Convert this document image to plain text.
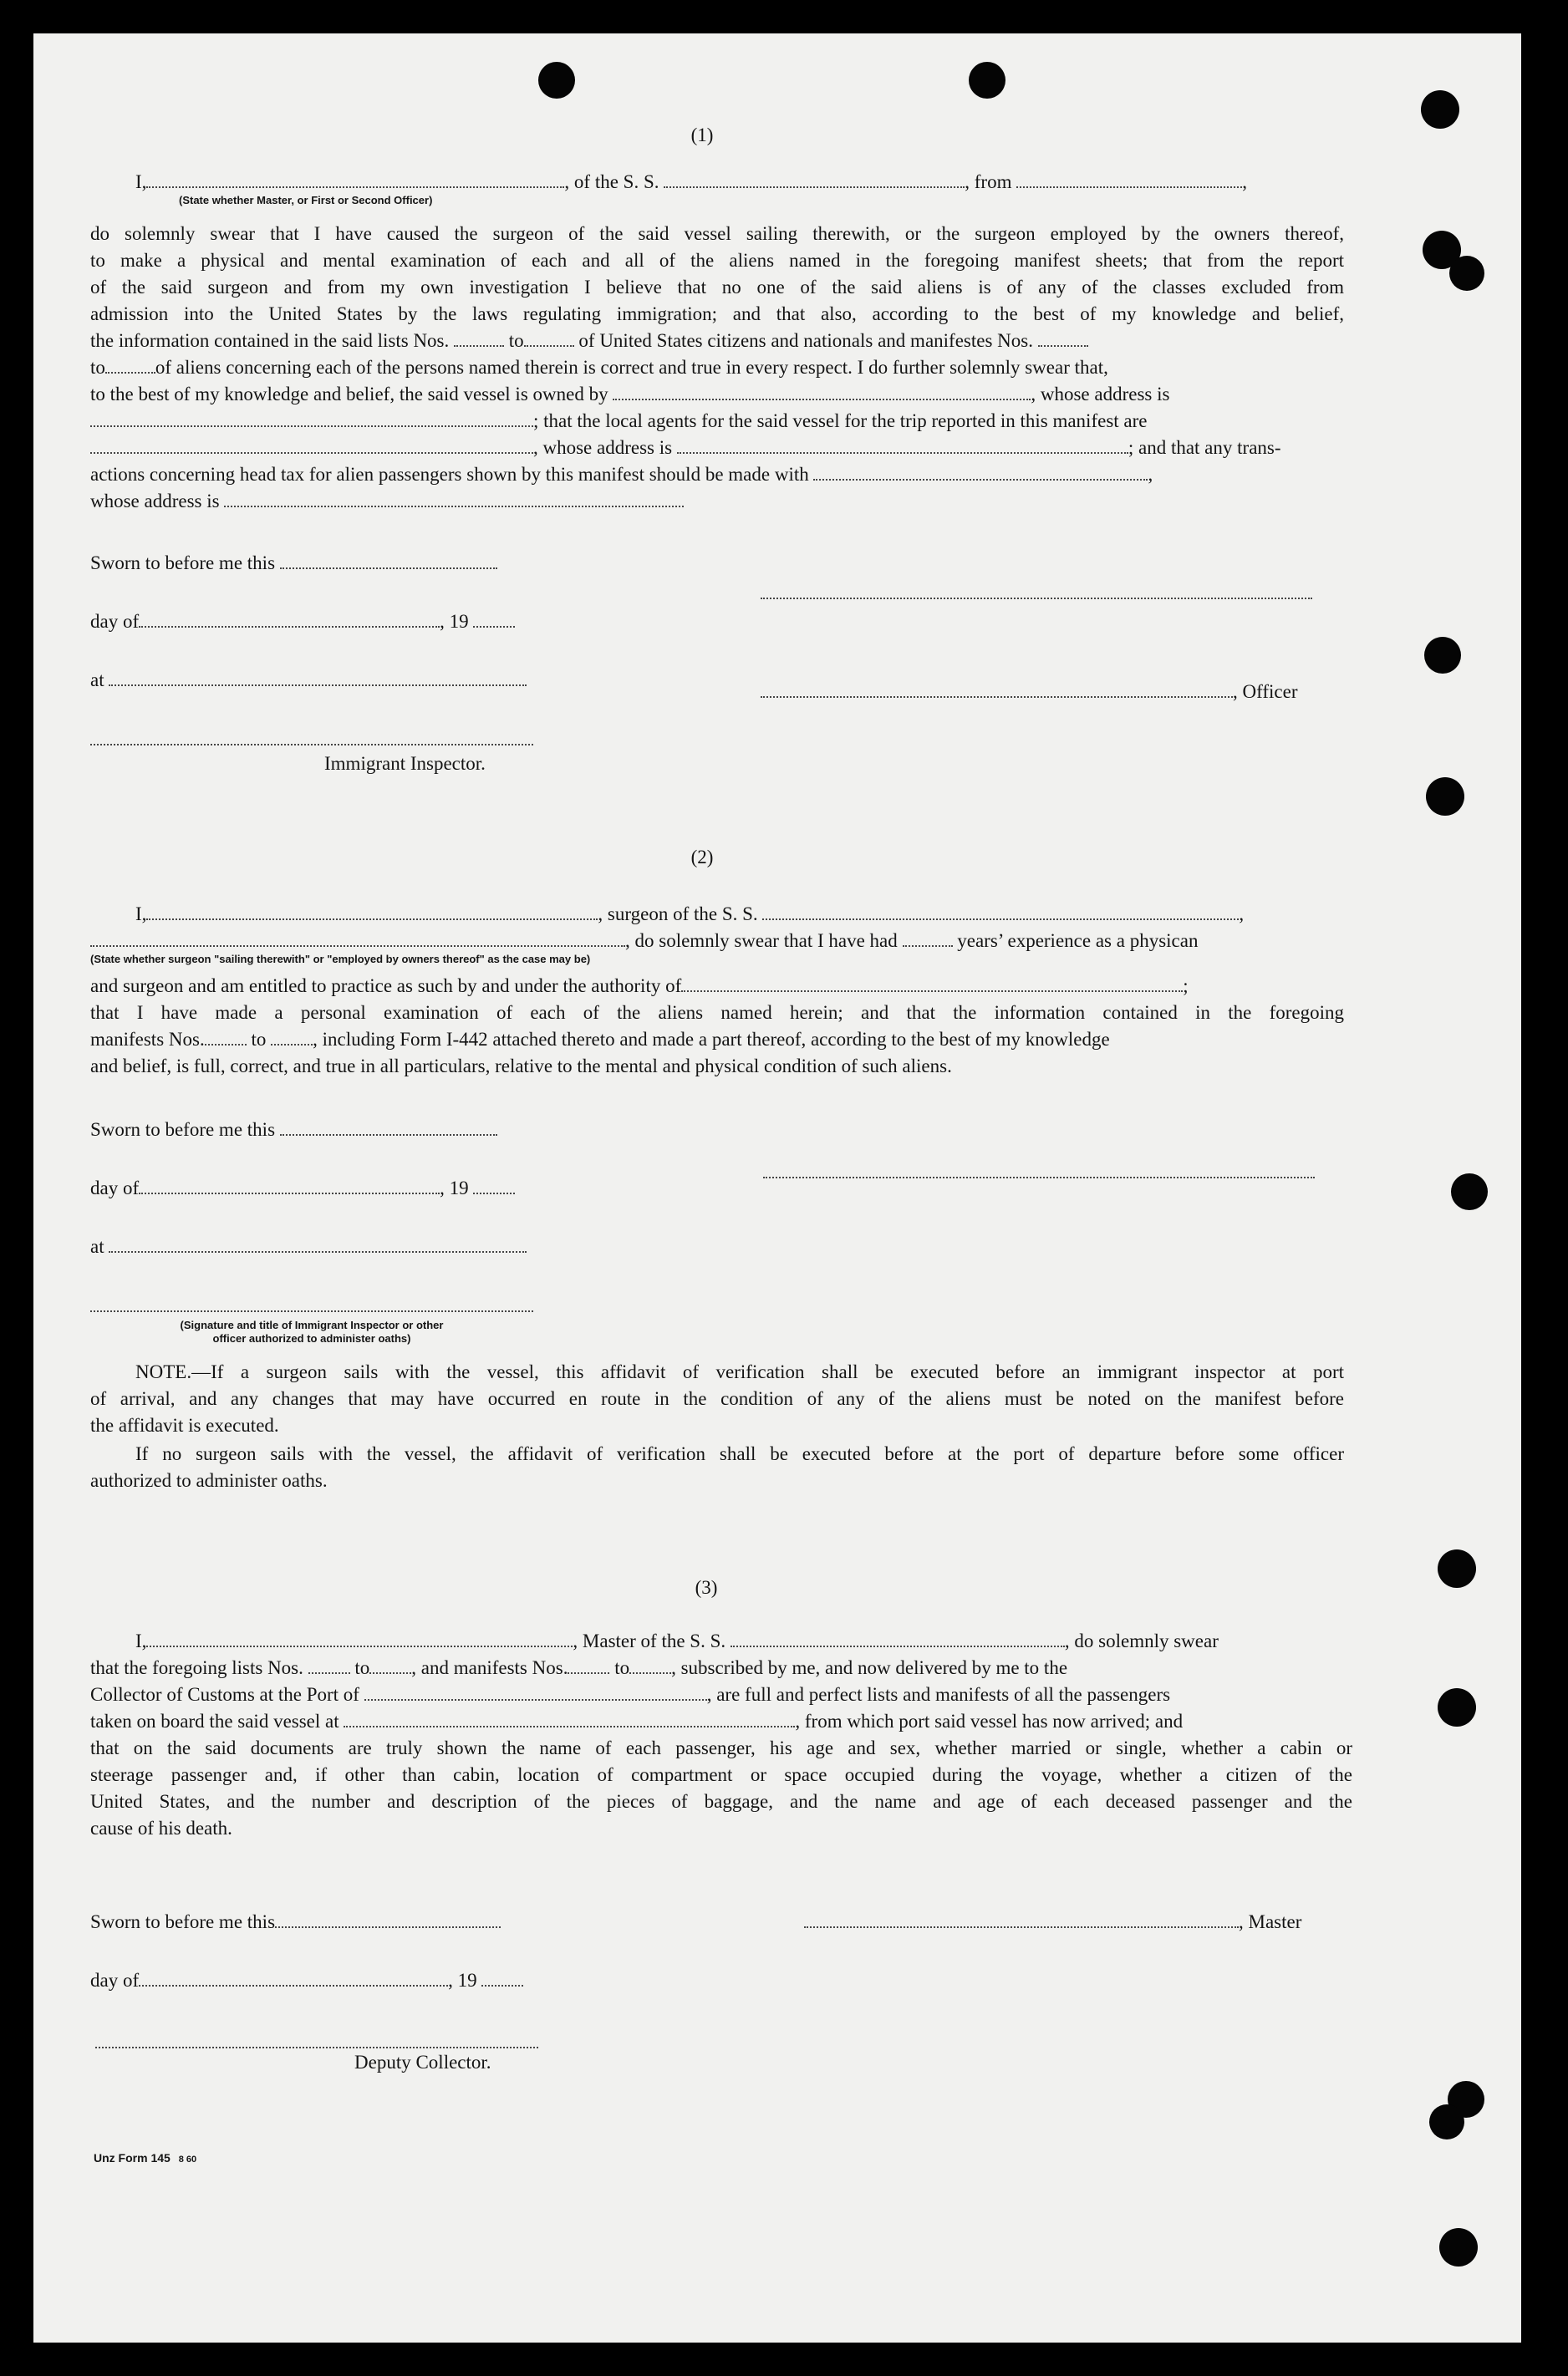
(1)
I,	, of the S. S.	, from	,
(State whether Master, or First or Second Officer)
do solemnly swear that I have caused the surgeon of the said vessel sailing therewith, or the surgeon employed by the owners thereof,
to make a physical and mental examination of each and all of the aliens named in the foregoing manifest sheets; that from the report
of the said surgeon and from my own investigation I believe that no one of the said aliens is of any of the classes excluded from
admission into the United States by the laws regulating immigration; and that also, according to the best of my knowledge and belief,
the information contained in the said lists Nos.	to	of United States citizens and nationals and manifestes Nos.
to	of aliens concerning each of the persons named therein is correct and true in every respect. I do further solemnly swear that,
to the best of my knowledge and belief, the said vessel is owned by	, whose address is
; that the local agents for the said vessel for the trip reported in this manifest are
, whose address is	; and that any trans-
actions concerning head tax for alien passengers shown by this manifest should be made with	,
whose address is
Sworn to before me this
day of	, 19
at
, Officer
Immigrant Inspector.
(2)
I,	, surgeon of the S. S.	,
, do solemnly swear that I have had	years’ experience as a physican
(State whether surgeon "sailing therewith" or "employed by owners thereof" as the case may be)
and surgeon and am entitled to practice as such by and under the authority of	;
that I have made a personal examination of each of the aliens named herein; and that the information contained in the foregoing
manifests Nos. to , including Form I-442 attached thereto and made a part thereof, according to the best of my knowledge
and belief, is full, correct, and true in all particulars, relative to the mental and physical condition of such aliens.
Sworn to before me this
day of	, 19
at
(Signature and title of Immigrant Inspector or other
officer authorized to administer oaths)
NOTE.—If a surgeon sails with the vessel, this affidavit of verification shall be executed before an immigrant inspector at port
of arrival, and any changes that may have occurred en route in the condition of any of the aliens must be noted on the manifest before
the affidavit is executed.
If no surgeon sails with the vessel, the affidavit of verification shall be executed before at the port of departure before some officer
authorized to administer oaths.
(3)
I,	, Master of the S. S.	, do solemnly swear
that the foregoing lists Nos.	to , and manifests Nos. to , subscribed by me, and now delivered by me to the
Collector of Customs at the Port of	, are full and perfect lists and manifests of all the passengers
taken on board the said vessel at	, from which port said vessel has now arrived; and
that on the said documents are truly shown the name of each passenger, his age and sex, whether married or single, whether a cabin or
steerage passenger and, if other than cabin, location of compartment or space occupied during the voyage, whether a citizen of the
United States, and the number and description of the pieces of baggage, and the name and age of each deceased passenger and the
cause of his death.
Sworn to before me this	, Master
day of	, 19
Deputy Collector.
Unz Form 145 8 60
